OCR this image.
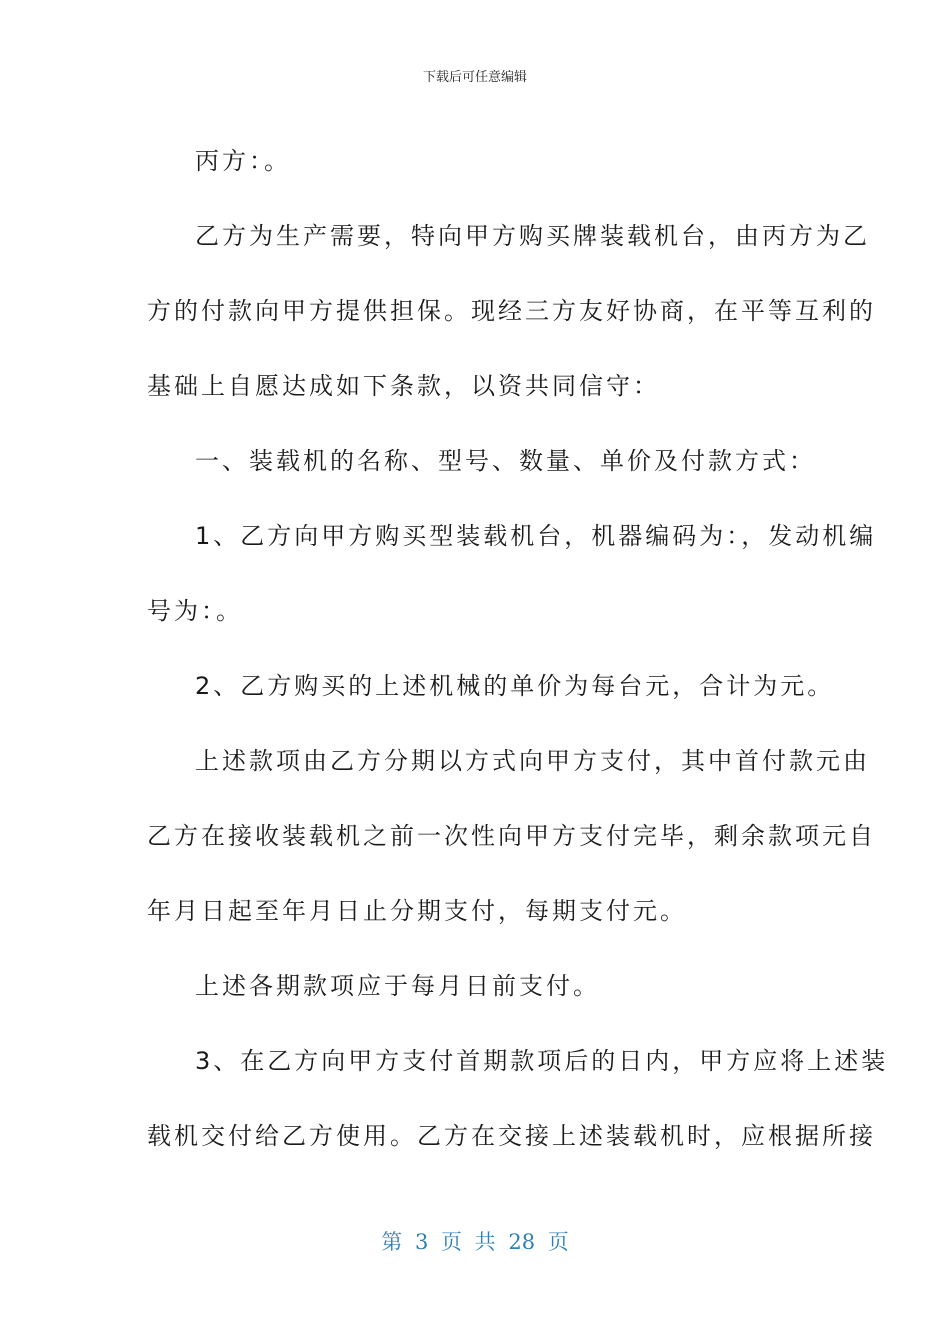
下载后可任意编辑
丙方：。
乙方为生产需要，特向甲方购买牌装载机台，由丙方为乙
方的付款向甲方提供担保。现经三方友好协商，在平等互利的
基础上自愿达成如下条款，以资共同信守：
一、装载机的名称、型号、数量、单价及付款方式：
1、乙方向甲方购买型装载机台，机器编码为：，发动机编
号为：。
2、乙方购买的上述机械的单价为每台元，合计为元。
上述款项由乙方分期以方式向甲方支付，其中首付款元由
乙方在接收装载机之前一次性向甲方支付完毕，剩余款项元自
年月日起至年月日止分期支付，每期支付元。
上述各期款项应于每月日前支付。
3、在乙方向甲方支付首期款项后的日内，甲方应将上述装
载机交付给乙方使用。乙方在交接上述装载机时，应根据所接
第 3 页 共 28 页
